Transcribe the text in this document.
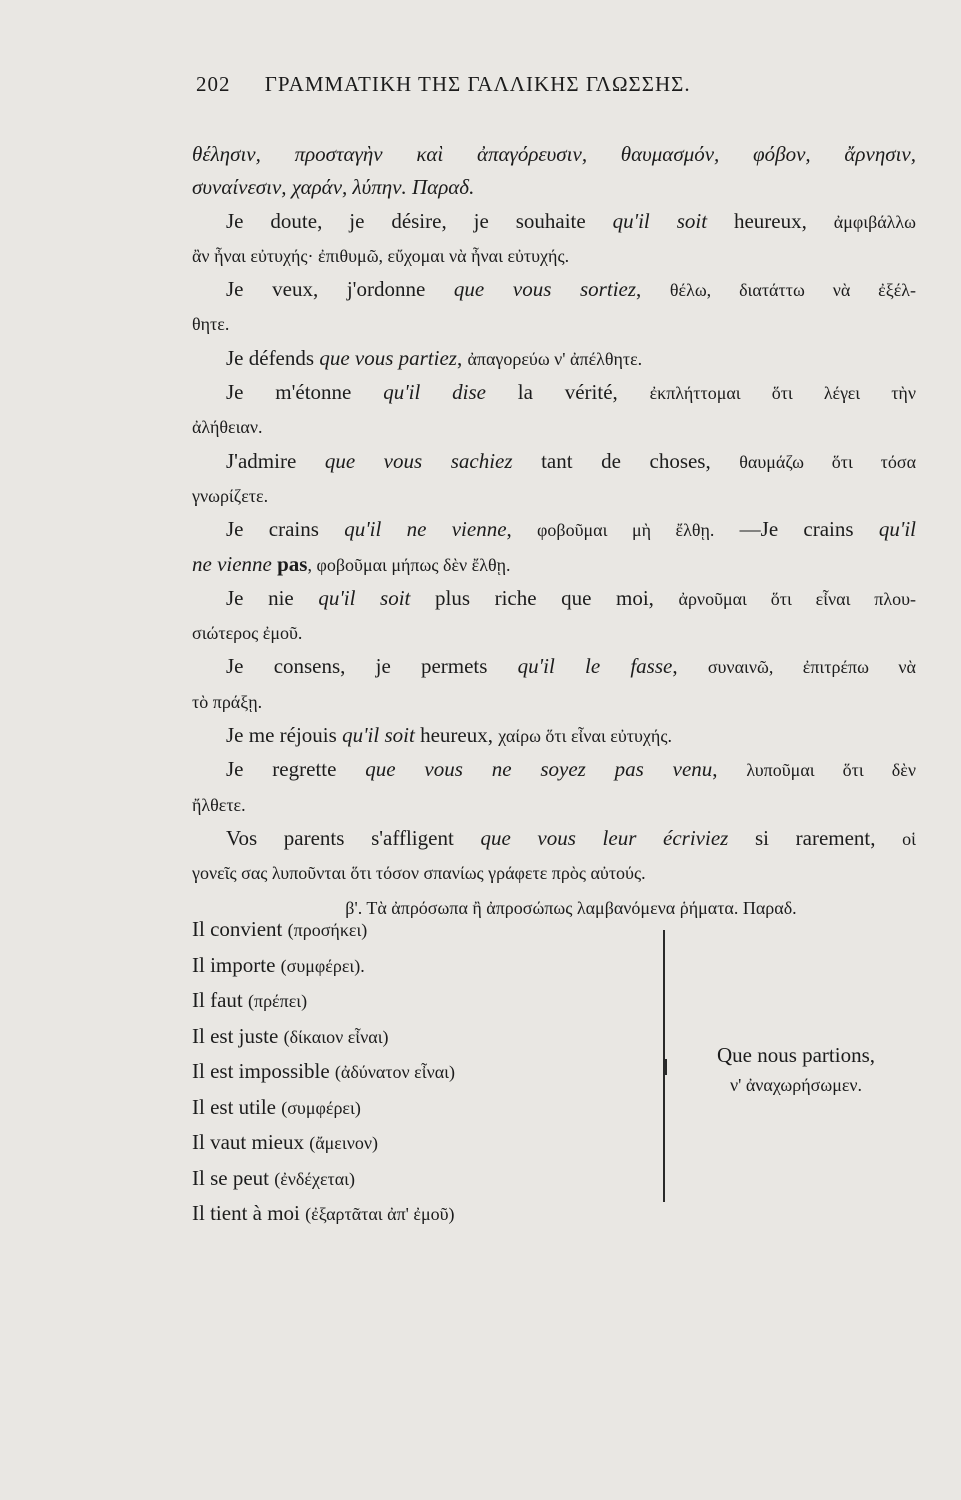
202 ΓΡΑΜΜΑΤΙΚΗ ΤΗΣ ΓΑΛΛΙΚΗΣ ΓΛΩΣΣΗΣ.
θέλησιν, προσταγὴν καὶ ἀπαγόρευσιν, θαυμασμόν, φόβον, ἄρνησιν,
συναίνεσιν, χαράν, λύπην. Παραδ.
Je doute, je désire, je souhaite qu'il soit heureux, ἀμφιβάλλω
ἂν ἦναι εὐτυχής· ἐπιθυμῶ, εὔχομαι νὰ ἦναι εὐτυχής.
Je veux, j'ordonne que vous sortiez, θέλω, διατάττω νὰ ἐξέλ-
θητε.
Je défends que vous partiez, ἀπαγορεύω ν' ἀπέλθητε.
Je m'étonne qu'il dise la vérité, ἐκπλήττομαι ὅτι λέγει τὴν
ἀλήθειαν.
J'admire que vous sachiez tant de choses, θαυμάζω ὅτι τόσα
γνωρίζετε.
Je crains qu'il ne vienne, φοβοῦμαι μὴ ἔλθῃ. —Je crains qu'il
ne vienne pas, φοβοῦμαι μήπως δὲν ἔλθῃ.
Je nie qu'il soit plus riche que moi, ἀρνοῦμαι ὅτι εἶναι πλου-
σιώτερος ἐμοῦ.
Je consens, je permets qu'il le fasse, συναινῶ, ἐπιτρέπω νὰ
τὸ πράξῃ.
Je me réjouis qu'il soit heureux, χαίρω ὅτι εἶναι εὐτυχής.
Je regrette que vous ne soyez pas venu, λυποῦμαι ὅτι δὲν
ἤλθετε.
Vos parents s'affligent que vous leur écriviez si rarement, οἱ
γονεῖς σας λυποῦνται ὅτι τόσον σπανίως γράφετε πρὸς αὐτούς.
β'. Τὰ ἀπρόσωπα ἢ ἀπροσώπως λαμβανόμενα ῥήματα. Παραδ.
Il convient (προσήκει)
Il importe (συμφέρει).
Il faut (πρέπει)
Il est juste (δίκαιον εἶναι)
Il est impossible (ἀδύνατον εἶναι)
Il est utile (συμφέρει)
Il vaut mieux (ἄμεινον)
Il se peut (ἐνδέχεται)
Il tient à moi (ἐξαρτᾶται ἀπ' ἐμοῦ)
Que nous partions,
ν' ἀναχωρήσωμεν.
